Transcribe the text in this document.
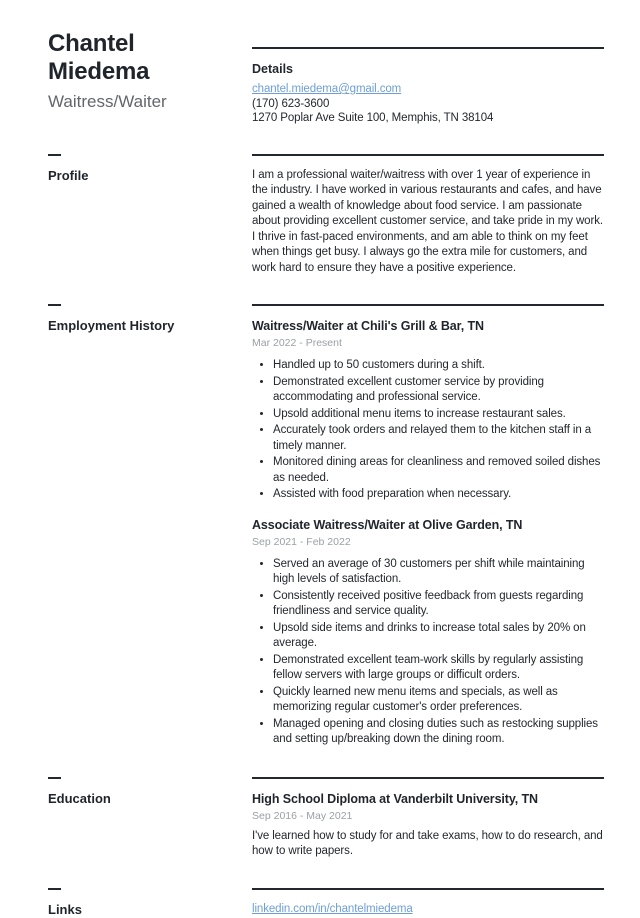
Chantel Miedema
Waitress/Waiter
Details
chantel.miedema@gmail.com
(170) 623-3600
1270 Poplar Ave Suite 100, Memphis, TN 38104
Profile	I am a professional waiter/waitress with over 1 year of experience in the industry. I have worked in various restaurants and cafes, and have gained a wealth of knowledge about food service. I am passionate about providing excellent customer service, and take pride in my work. I thrive in fast-paced environments, and am able to think on my feet when things get busy. I always go the extra mile for customers, and work hard to ensure they have a positive experience.
Employment History	Waitress/Waiter at Chili's Grill & Bar, TN
Mar 2022 - Present
• Handled up to 50 customers during a shift.
• Demonstrated excellent customer service by providing accommodating and professional service.
• Upsold additional menu items to increase restaurant sales.
• Accurately took orders and relayed them to the kitchen staff in a timely manner.
• Monitored dining areas for cleanliness and removed soiled dishes as needed.
• Assisted with food preparation when necessary.
Associate Waitress/Waiter at Olive Garden, TN
Sep 2021 - Feb 2022
• Served an average of 30 customers per shift while maintaining high levels of satisfaction.
• Consistently received positive feedback from guests regarding friendliness and service quality.
• Upsold side items and drinks to increase total sales by 20% on average.
• Demonstrated excellent team-work skills by regularly assisting fellow servers with large groups or difficult orders.
• Quickly learned new menu items and specials, as well as memorizing regular customer's order preferences.
• Managed opening and closing duties such as restocking supplies and setting up/breaking down the dining room.
Education	High School Diploma at Vanderbilt University, TN
Sep 2016 - May 2021
I've learned how to study for and take exams, how to do research, and how to write papers.
Links	linkedin.com/in/chantelmiedema
